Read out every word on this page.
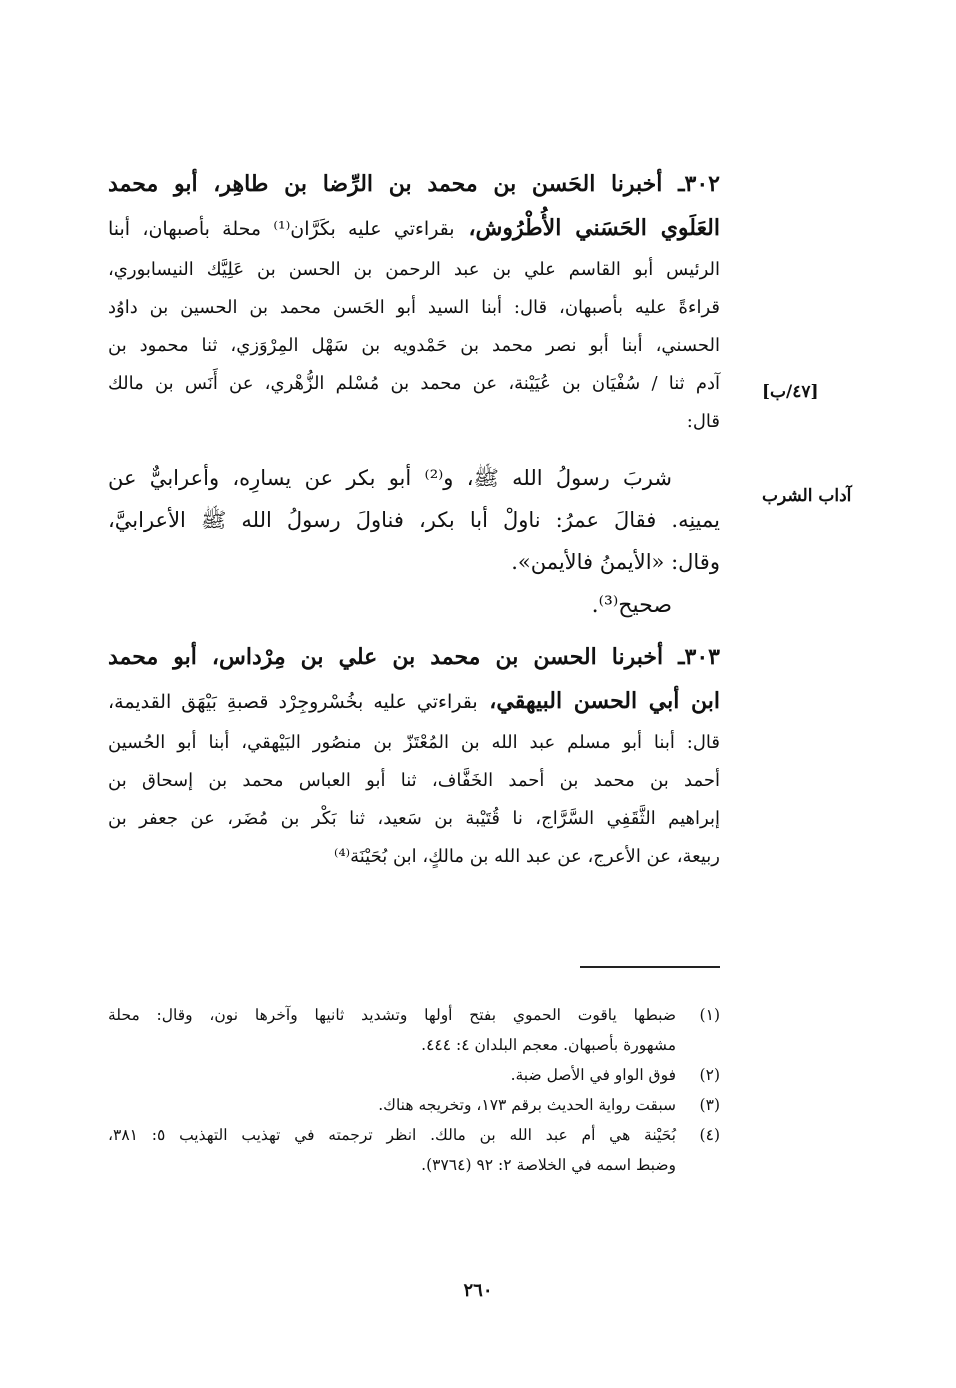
٣٠٢ـ أخبرنا الحَسن بن محمد بن الرِّضا بن طاهِر، أبو محمد
العَلَوي الحَسَني الأُطْرُوش، بقراءتي عليه بكَرَّان⁽¹⁾ محلة بأصبهان، أبنا
الرئيس أبو القاسم علي بن عبد الرحمن بن الحسن بن عَلِيَّك النيسابوري،
قراءةً عليه بأصبهان، قال: أبنا السيد أبو الحَسن محمد بن الحسين بن داوُد
الحسني، أبنا أبو نصر محمد بن حَمْدويه بن سَهْل المِرْوَزي، ثنا محمود بن
آدم ثنا / سُفْيَان بن عُيَيْنة، عن محمد بن مُسْلم الزُّهْري، عن أَنَس بن مالك
قال:
شربَ رسولُ الله ﷺ، و⁽²⁾ أبو بكر عن يسارِه، وأعرابيٌّ عن
يمينِه. فقالَ عمرُ: ناولْ أبا بكر، فناولَ رسولُ الله ﷺ الأعرابيَّ،
وقال: «الأيمنُ فالأيمن».
صحيح⁽³⁾.
٣٠٣ـ أخبرنا الحسن بن محمد بن علي بن مِرْداس، أبو محمد
ابن أبي الحسن البيهقي، بقراءتي عليه بخُسْروجِرْد قصبةِ بَيْهَق القديمة،
قال: أبنا أبو مسلم عبد الله بن المُعْتَزّ بن منصُور البَيْهقي، أبنا أبو الحُسين
أحمد بن محمد بن أحمد الخَفَّاف، ثنا أبو العباس محمد بن إسحاق بن
إبراهيم الثَّقَفِي السَّرَّاج، نا قُتَيْبة بن سَعيد، ثنا بَكْر بن مُضَر، عن جعفر بن
ربيعة، عن الأعرج، عن عبد الله بن مالكٍ، ابن بُحَيْنَة⁽⁴⁾
[٤٧/ب]
آداب الشرب
(١)
ضبطها ياقوت الحموي بفتح أولها وتشديد ثانيها وآخرها نون، وقال: محلة
مشهورة بأصبهان. معجم البلدان ٤: ٤٤٤.
(٢)
فوق الواو في الأصل ضبة.
(٣)
سبقت رواية الحديث برقم ١٧٣، وتخريجه هناك.
(٤)
بُحَيْنة هي أم عبد الله بن مالك. انظر ترجمته في تهذيب التهذيب ٥: ٣٨١،
وضبط اسمه في الخلاصة ٢: ٩٢ (٣٧٦٤).
٢٦٠
